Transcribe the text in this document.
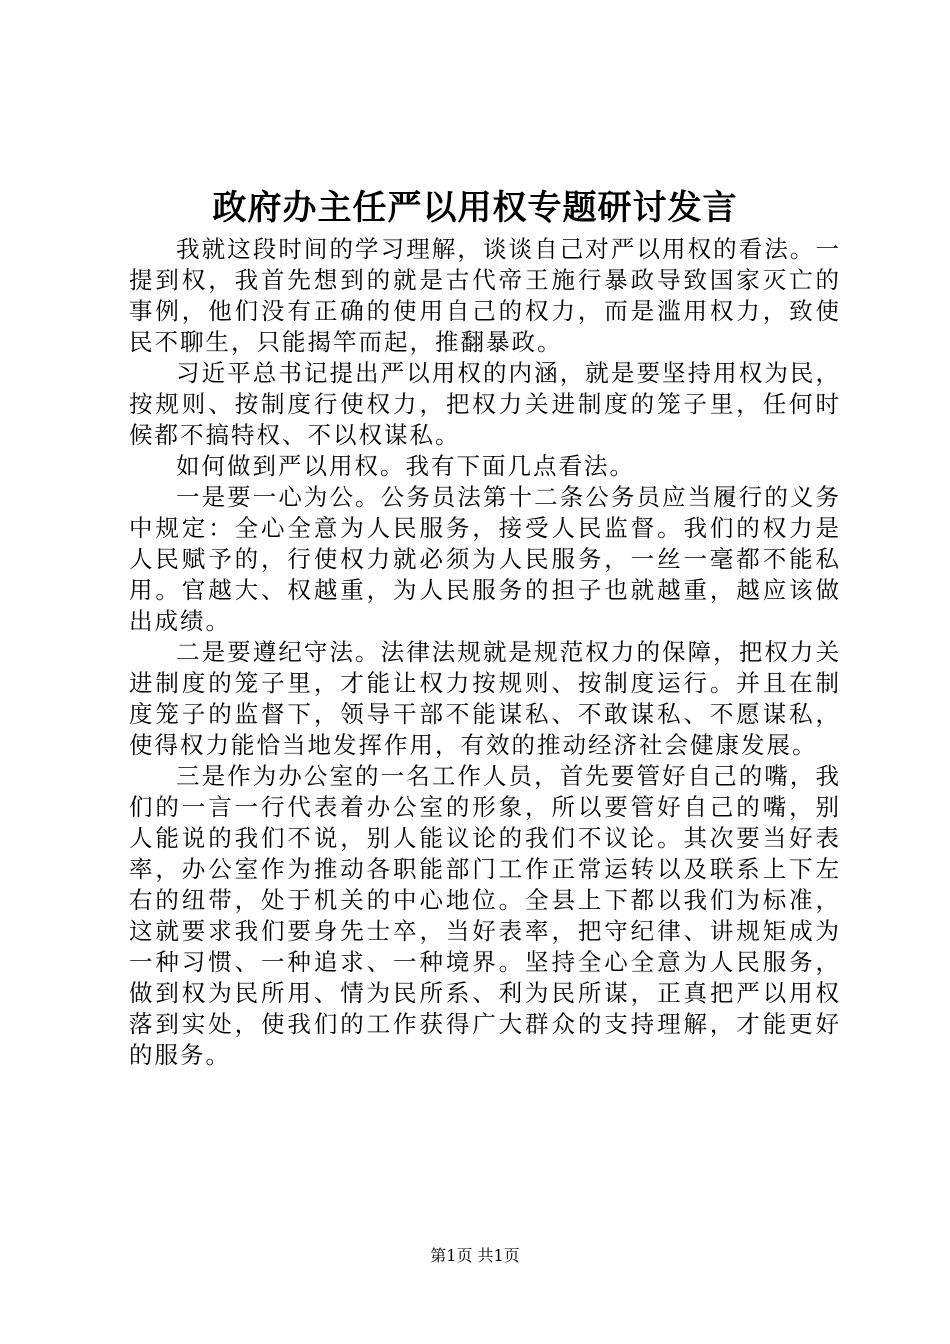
政府办主任严以用权专题研讨发言

我就这段时间的学习理解，谈谈自己对严以用权的看法。一提到权，我首先想到的就是古代帝王施行暴政导致国家灭亡的事例，他们没有正确的使用自己的权力，而是滥用权力，致使民不聊生，只能揭竿而起，推翻暴政。

习近平总书记提出严以用权的内涵，就是要坚持用权为民，按规则、按制度行使权力，把权力关进制度的笼子里，任何时候都不搞特权、不以权谋私。

如何做到严以用权。我有下面几点看法。

一是要一心为公。公务员法第十二条公务员应当履行的义务中规定：全心全意为人民服务，接受人民监督。我们的权力是人民赋予的，行使权力就必须为人民服务，一丝一毫都不能私用。官越大、权越重，为人民服务的担子也就越重，越应该做出成绩。

二是要遵纪守法。法律法规就是规范权力的保障，把权力关进制度的笼子里，才能让权力按规则、按制度运行。并且在制度笼子的监督下，领导干部不能谋私、不敢谋私、不愿谋私，使得权力能恰当地发挥作用，有效的推动经济社会健康发展。

三是作为办公室的一名工作人员，首先要管好自己的嘴，我们的一言一行代表着办公室的形象，所以要管好自己的嘴，别人能说的我们不说，别人能议论的我们不议论。其次要当好表率，办公室作为推动各职能部门工作正常运转以及联系上下左右的纽带，处于机关的中心地位。全县上下都以我们为标准，这就要求我们要身先士卒，当好表率，把守纪律、讲规矩成为一种习惯、一种追求、一种境界。坚持全心全意为人民服务，做到权为民所用、情为民所系、利为民所谋，正真把严以用权落到实处，使我们的工作获得广大群众的支持理解，才能更好的服务。

第1页 共1页
